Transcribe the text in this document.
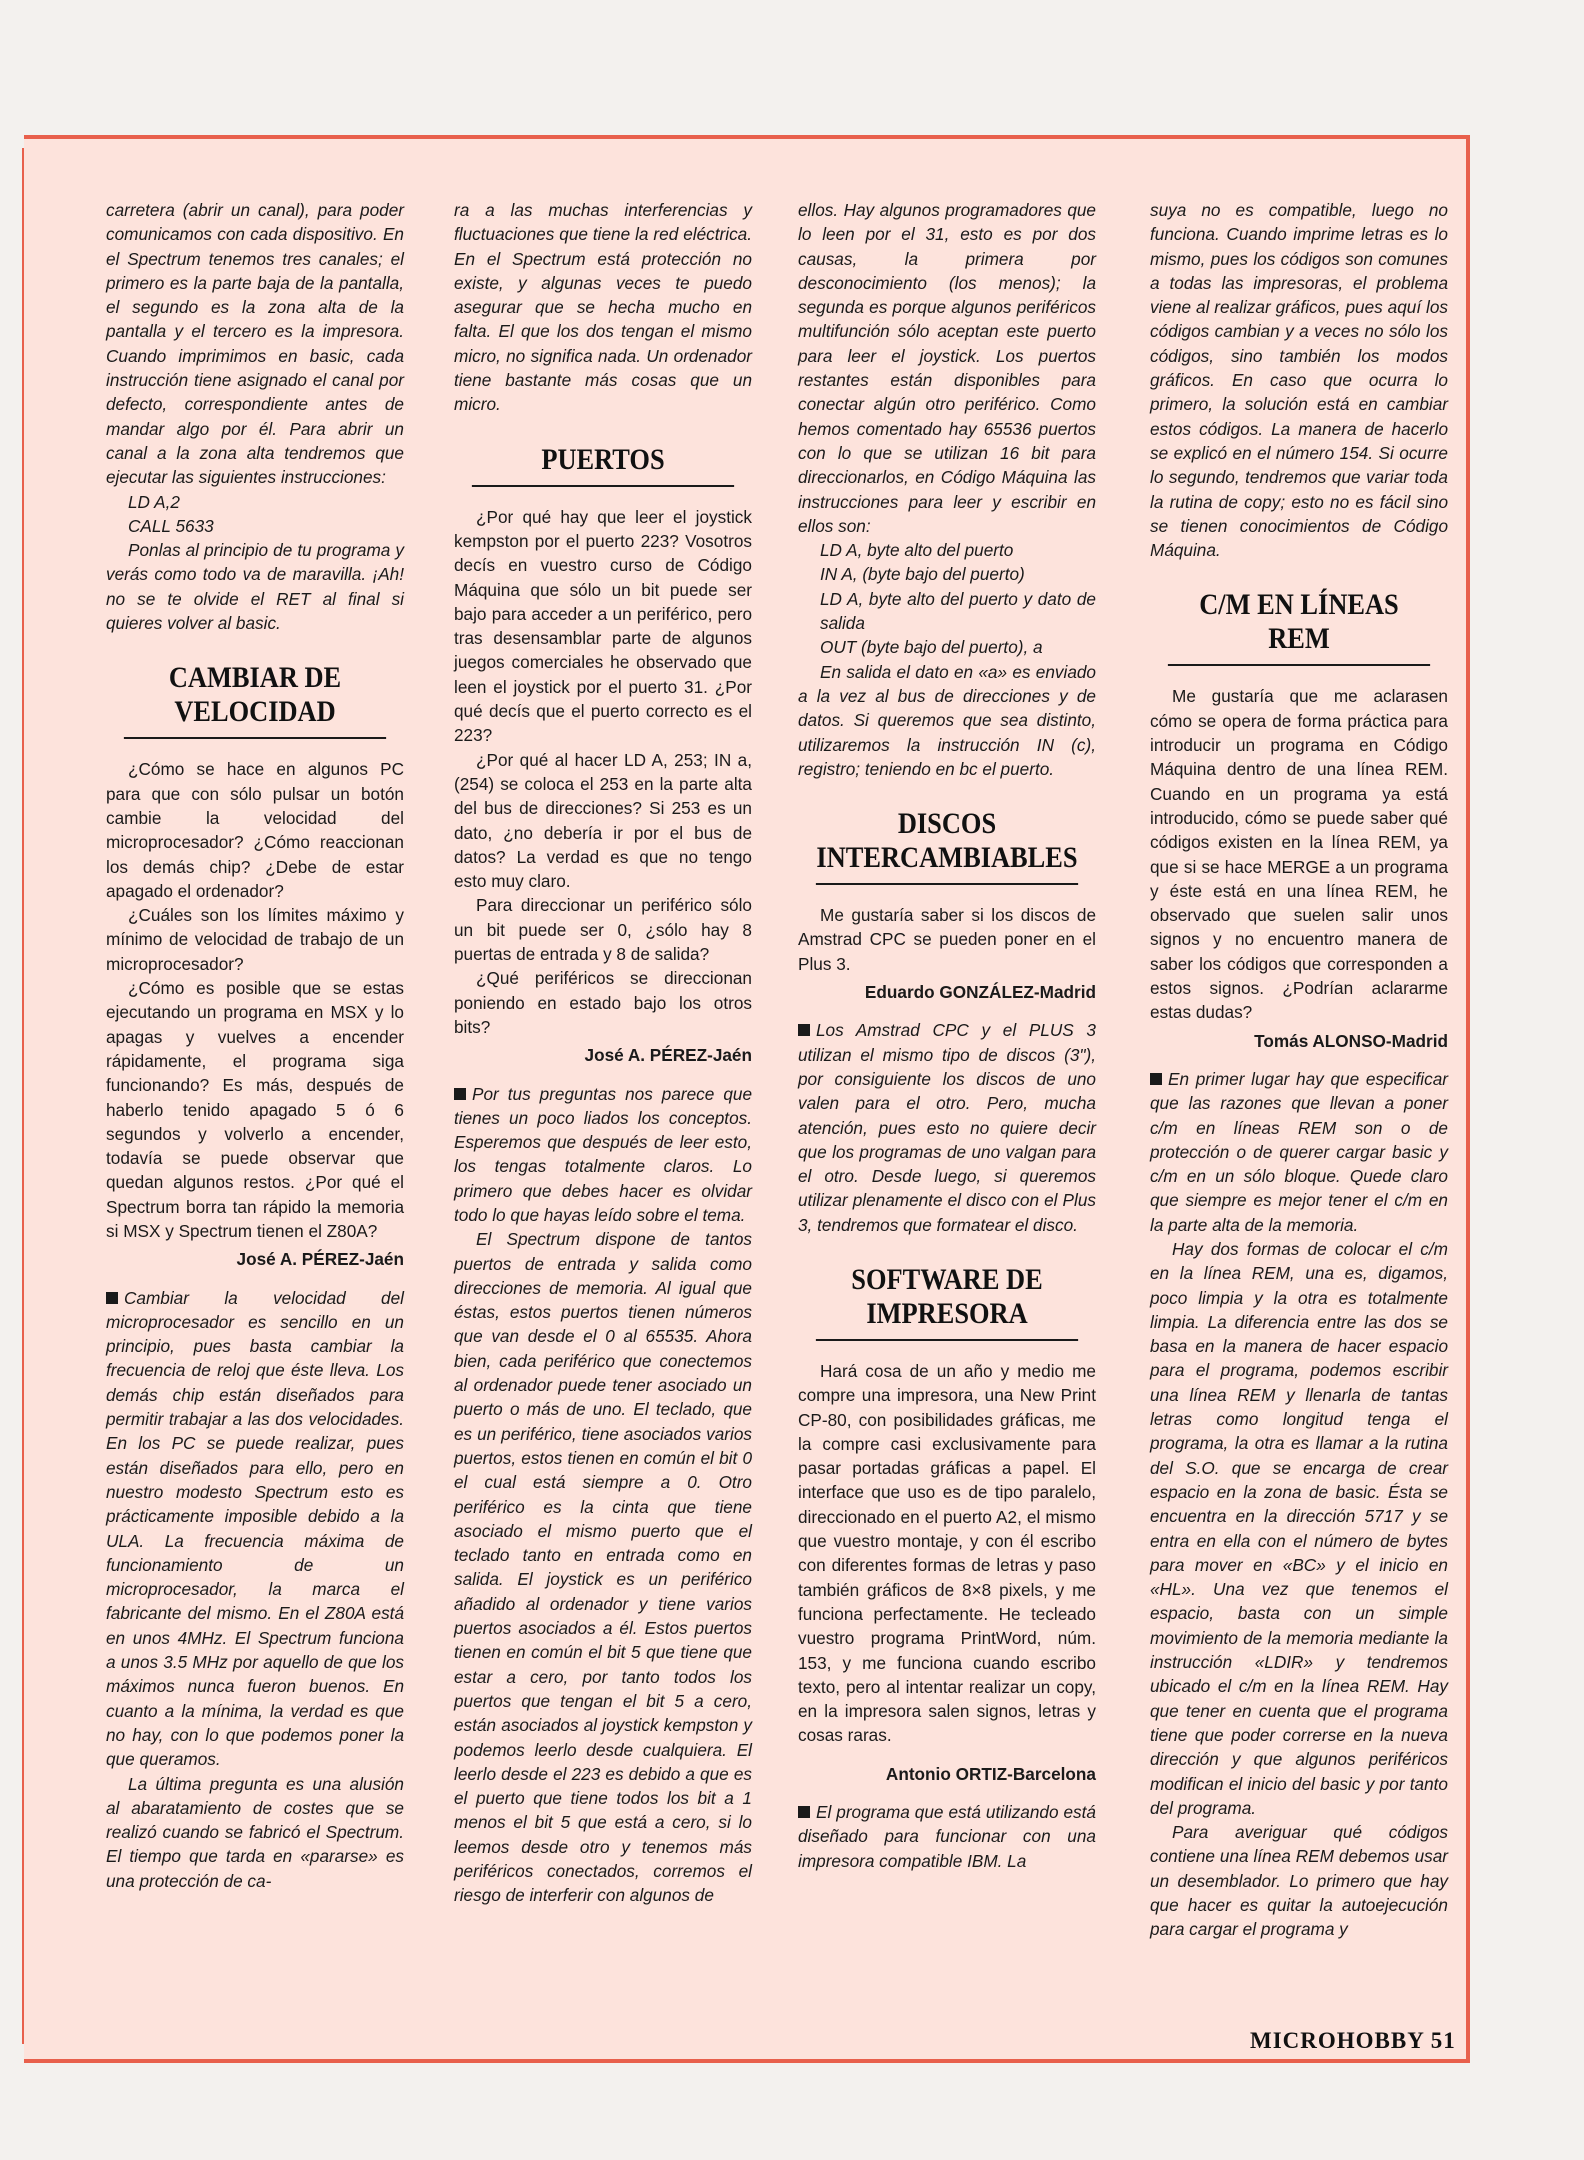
carretera (abrir un canal), para poder comunicamos con cada dispositivo. En el Spectrum tenemos tres canales; el primero es la parte baja de la pantalla, el segundo es la zona alta de la pantalla y el tercero es la impresora. Cuando imprimimos en basic, cada instrucción tiene asignado el canal por defecto, correspondiente antes de mandar algo por él. Para abrir un canal a la zona alta tendremos que ejecutar las siguientes instrucciones:

LD A,2

CALL 5633

Ponlas al principio de tu programa y verás como todo va de maravilla. ¡Ah! no se te olvide el RET al final si quieres volver al basic.

CAMBIAR DE VELOCIDAD

¿Cómo se hace en algunos PC para que con sólo pulsar un botón cambie la velocidad del microprocesador? ¿Cómo reaccionan los demás chip? ¿Debe de estar apagado el ordenador?

¿Cuáles son los límites máximo y mínimo de velocidad de trabajo de un microprocesador?

¿Cómo es posible que se estas ejecutando un programa en MSX y lo apagas y vuelves a encender rápidamente, el programa siga funcionando? Es más, después de haberlo tenido apagado 5 ó 6 segundos y volverlo a encender, todavía se puede observar que quedan algunos restos. ¿Por qué el Spectrum borra tan rápido la memoria si MSX y Spectrum tienen el Z80A?

José A. PÉREZ-Jaén

Cambiar la velocidad del microprocesador es sencillo en un principio, pues basta cambiar la frecuencia de reloj que éste lleva. Los demás chip están diseñados para permitir trabajar a las dos velocidades. En los PC se puede realizar, pues están diseñados para ello, pero en nuestro modesto Spectrum esto es prácticamente imposible debido a la ULA. La frecuencia máxima de funcionamiento de un microprocesador, la marca el fabricante del mismo. En el Z80A está en unos 4MHz. El Spectrum funciona a unos 3.5 MHz por aquello de que los máximos nunca fueron buenos. En cuanto a la mínima, la verdad es que no hay, con lo que podemos poner la que queramos.

La última pregunta es una alusión al abaratamiento de costes que se realizó cuando se fabricó el Spectrum. El tiempo que tarda en «pararse» es una protección de ca-

ra a las muchas interferencias y fluctuaciones que tiene la red eléctrica. En el Spectrum está protección no existe, y algunas veces te puedo asegurar que se hecha mucho en falta. El que los dos tengan el mismo micro, no significa nada. Un ordenador tiene bastante más cosas que un micro.

PUERTOS

¿Por qué hay que leer el joystick kempston por el puerto 223? Vosotros decís en vuestro curso de Código Máquina que sólo un bit puede ser bajo para acceder a un periférico, pero tras desensamblar parte de algunos juegos comerciales he observado que leen el joystick por el puerto 31. ¿Por qué decís que el puerto correcto es el 223?

¿Por qué al hacer LD A, 253; IN a,(254) se coloca el 253 en la parte alta del bus de direcciones? Si 253 es un dato, ¿no debería ir por el bus de datos? La verdad es que no tengo esto muy claro.

Para direccionar un periférico sólo un bit puede ser 0, ¿sólo hay 8 puertas de entrada y 8 de salida?

¿Qué periféricos se direccionan poniendo en estado bajo los otros bits?

José A. PÉREZ-Jaén

Por tus preguntas nos parece que tienes un poco liados los conceptos. Esperemos que después de leer esto, los tengas totalmente claros. Lo primero que debes hacer es olvidar todo lo que hayas leído sobre el tema.

El Spectrum dispone de tantos puertos de entrada y salida como direcciones de memoria. Al igual que éstas, estos puertos tienen números que van desde el 0 al 65535. Ahora bien, cada periférico que conectemos al ordenador puede tener asociado un puerto o más de uno. El teclado, que es un periférico, tiene asociados varios puertos, estos tienen en común el bit 0 el cual está siempre a 0. Otro periférico es la cinta que tiene asociado el mismo puerto que el teclado tanto en entrada como en salida. El joystick es un periférico añadido al ordenador y tiene varios puertos asociados a él. Estos puertos tienen en común el bit 5 que tiene que estar a cero, por tanto todos los puertos que tengan el bit 5 a cero, están asociados al joystick kempston y podemos leerlo desde cualquiera. El leerlo desde el 223 es debido a que es el puerto que tiene todos los bit a 1 menos el bit 5 que está a cero, si lo leemos desde otro y tenemos más periféricos conectados, corremos el riesgo de interferir con algunos de

ellos. Hay algunos programadores que lo leen por el 31, esto es por dos causas, la primera por desconocimiento (los menos); la segunda es porque algunos periféricos multifunción sólo aceptan este puerto para leer el joystick. Los puertos restantes están disponibles para conectar algún otro periférico. Como hemos comentado hay 65536 puertos con lo que se utilizan 16 bit para direccionarlos, en Código Máquina las instrucciones para leer y escribir en ellos son:

LD A, byte alto del puerto

IN A, (byte bajo del puerto)

LD A, byte alto del puerto y dato de salida

OUT (byte bajo del puerto), a

En salida el dato en «a» es enviado a la vez al bus de direcciones y de datos. Si queremos que sea distinto, utilizaremos la instrucción IN (c), registro; teniendo en bc el puerto.

DISCOS INTERCAMBIABLES

Me gustaría saber si los discos de Amstrad CPC se pueden poner en el Plus 3.

Eduardo GONZÁLEZ-Madrid

Los Amstrad CPC y el PLUS 3 utilizan el mismo tipo de discos (3"), por consiguiente los discos de uno valen para el otro. Pero, mucha atención, pues esto no quiere decir que los programas de uno valgan para el otro. Desde luego, si queremos utilizar plenamente el disco con el Plus 3, tendremos que formatear el disco.

SOFTWARE DE IMPRESORA

Hará cosa de un año y medio me compre una impresora, una New Print CP-80, con posibilidades gráficas, me la compre casi exclusivamente para pasar portadas gráficas a papel. El interface que uso es de tipo paralelo, direccionado en el puerto A2, el mismo que vuestro montaje, y con él escribo con diferentes formas de letras y paso también gráficos de 8×8 pixels, y me funciona perfectamente. He tecleado vuestro programa PrintWord, núm. 153, y me funciona cuando escribo texto, pero al intentar realizar un copy, en la impresora salen signos, letras y cosas raras.

Antonio ORTIZ-Barcelona

El programa que está utilizando está diseñado para funcionar con una impresora compatible IBM. La

suya no es compatible, luego no funciona. Cuando imprime letras es lo mismo, pues los códigos son comunes a todas las impresoras, el problema viene al realizar gráficos, pues aquí los códigos cambian y a veces no sólo los códigos, sino también los modos gráficos. En caso que ocurra lo primero, la solución está en cambiar estos códigos. La manera de hacerlo se explicó en el número 154. Si ocurre lo segundo, tendremos que variar toda la rutina de copy; esto no es fácil sino se tienen conocimientos de Código Máquina.

C/M EN LÍNEAS REM

Me gustaría que me aclarasen cómo se opera de forma práctica para introducir un programa en Código Máquina dentro de una línea REM. Cuando en un programa ya está introducido, cómo se puede saber qué códigos existen en la línea REM, ya que si se hace MERGE a un programa y éste está en una línea REM, he observado que suelen salir unos signos y no encuentro manera de saber los códigos que corresponden a estos signos. ¿Podrían aclararme estas dudas?

Tomás ALONSO-Madrid

En primer lugar hay que especificar que las razones que llevan a poner c/m en líneas REM son o de protección o de querer cargar basic y c/m en un sólo bloque. Quede claro que siempre es mejor tener el c/m en la parte alta de la memoria.

Hay dos formas de colocar el c/m en la línea REM, una es, digamos, poco limpia y la otra es totalmente limpia. La diferencia entre las dos se basa en la manera de hacer espacio para el programa, podemos escribir una línea REM y llenarla de tantas letras como longitud tenga el programa, la otra es llamar a la rutina del S.O. que se encarga de crear espacio en la zona de basic. Ésta se encuentra en la dirección 5717 y se entra en ella con el número de bytes para mover en «BC» y el inicio en «HL». Una vez que tenemos el espacio, basta con un simple movimiento de la memoria mediante la instrucción «LDIR» y tendremos ubicado el c/m en la línea REM. Hay que tener en cuenta que el programa tiene que poder correrse en la nueva dirección y que algunos periféricos modifican el inicio del basic y por tanto del programa.

Para averiguar qué códigos contiene una línea REM debemos usar un desemblador. Lo primero que hay que hacer es quitar la autoejecución para cargar el programa y

MICROHOBBY 51
